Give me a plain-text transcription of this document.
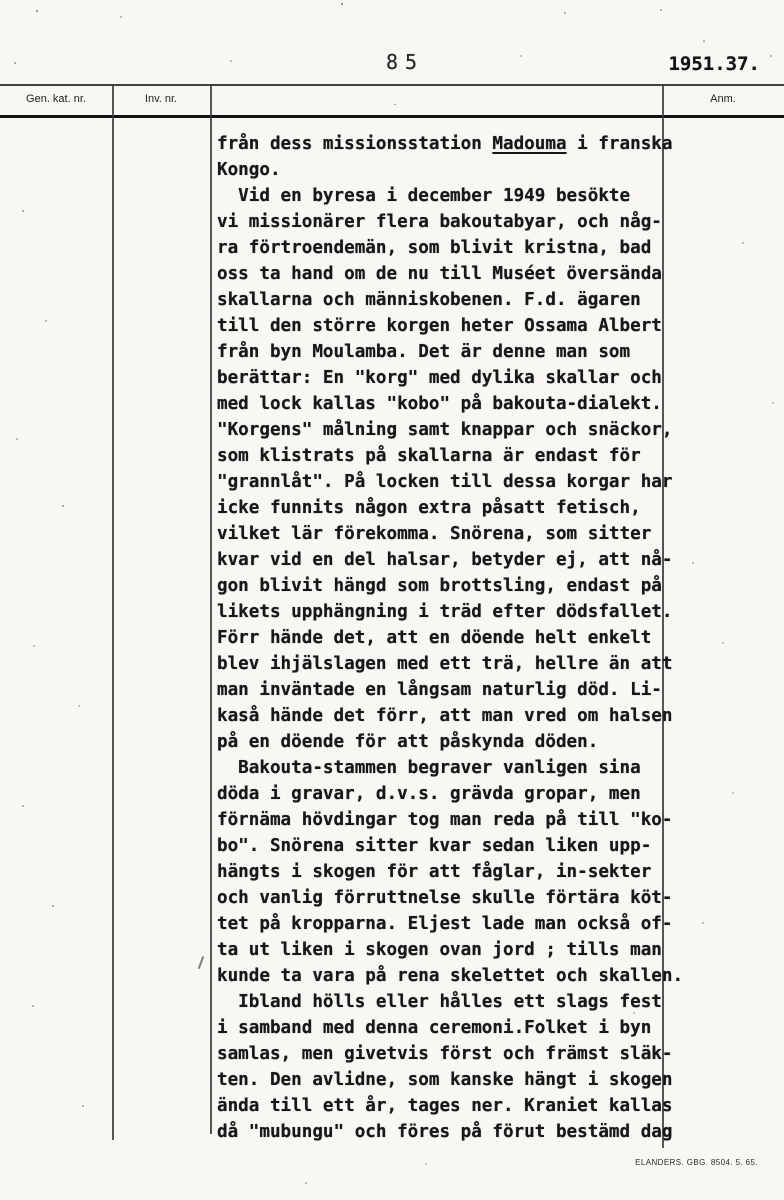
85	1951.37.
Gen. kat. nr.	Inv. nr.	.	Anm.
från dess missionsstation Madouma i franska
Kongo.
Vid en byresa i december 1949 besökte
vi missionärer flera bakoutabyar, och någ-
ra förtroendemän, som blivit kristna, bad
oss ta hand om de nu till Muséet översända
skallarna och människobenen. F.d. ägaren
till den större korgen heter Ossama Albert
från byn Moulamba. Det är denne man som
berättar: En "korg" med dylika skallar och
med lock kallas "kobo" på bakouta-dialekt.
"Korgens" målning samt knappar och snäckor,
som klistrats på skallarna är endast för
"grannlåt". På locken till dessa korgar har
icke funnits någon extra påsatt fetisch,
vilket lär förekomma. Snörena, som sitter
kvar vid en del halsar, betyder ej, att nå-
gon blivit hängd som brottsling, endast på
likets upphängning i träd efter dödsfallet.
Förr hände det, att en döende helt enkelt
blev ihjälslagen med ett trä, hellre än att
man inväntade en långsam naturlig död. Li-
kaså hände det förr, att man vred om halsen
på en döende för att påskynda döden.
Bakouta-stammen begraver vanligen sina
döda i gravar, d.v.s. grävda gropar, men
förnäma hövdingar tog man reda på till "ko-
bo". Snörena sitter kvar sedan liken upp-
hängts i skogen för att fåglar, in-sekter
och vanlig förruttnelse skulle förtära köt-
tet på kropparna. Eljest lade man också of-
ta ut liken i skogen ovan jord ; tills man
kunde ta vara på rena skelettet och skallen.
Ibland hölls eller hålles ett slags fest
i samband med denna ceremoni.Folket i byn
samlas, men givetvis först och främst släk-
ten. Den avlidne, som kanske hängt i skogen
ända till ett år, tages ner. Kraniet kallas
då "mubungu" och föres på förut bestämd dag
ELANDERS. GBG. 8504. 5. 65.
